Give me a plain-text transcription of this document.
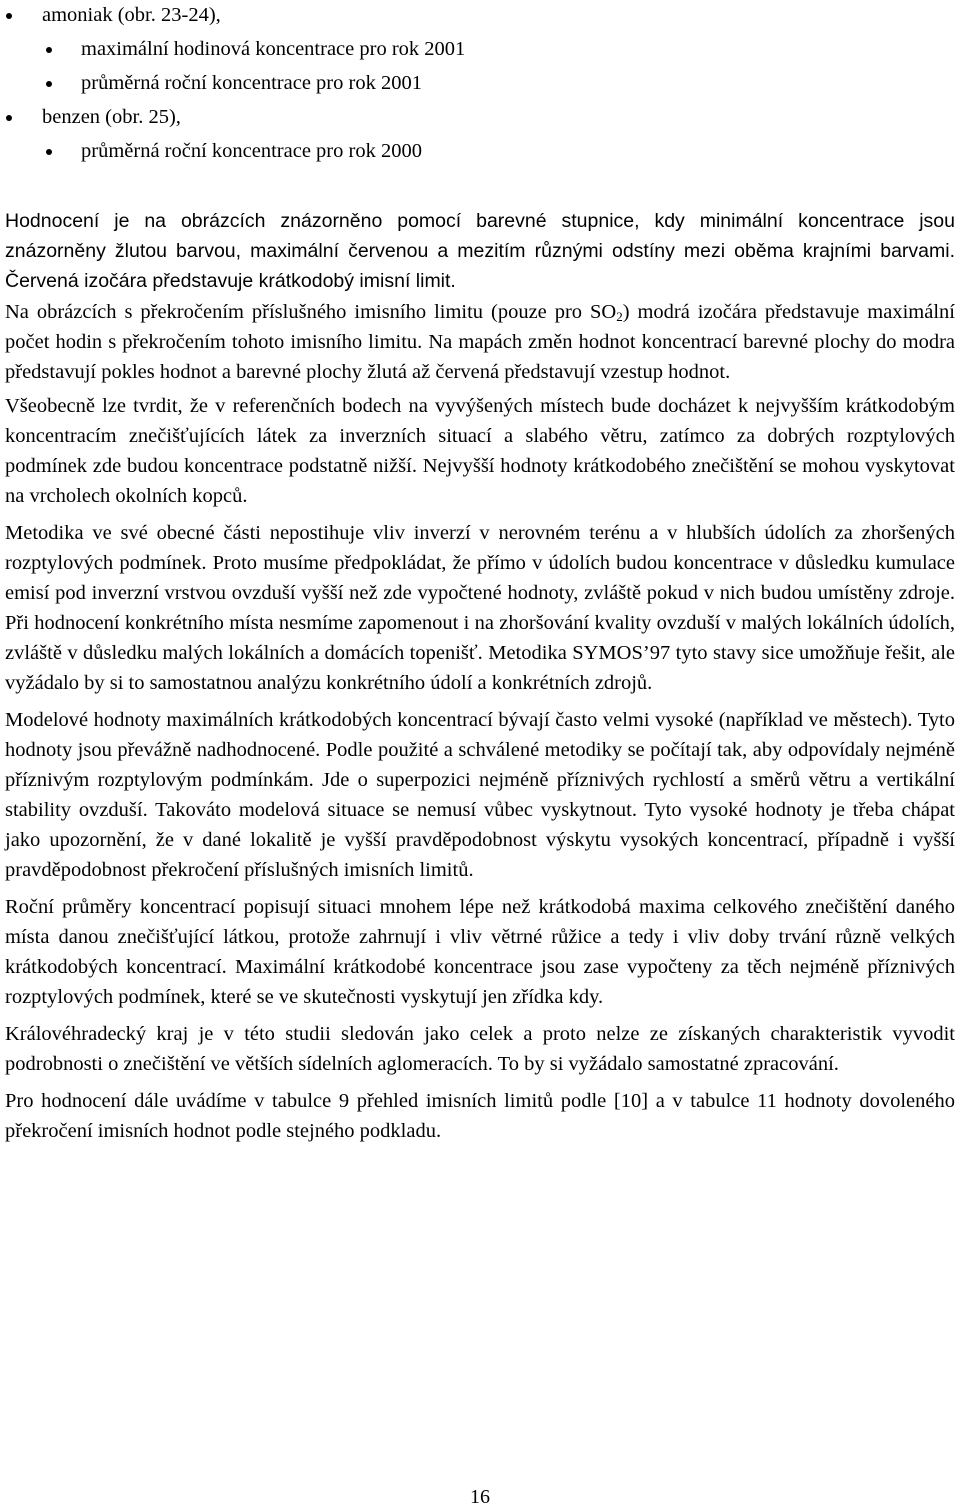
amoniak (obr. 23-24),
maximální hodinová koncentrace pro rok 2001
průměrná roční koncentrace pro rok 2001
benzen (obr. 25),
průměrná roční koncentrace pro rok 2000

Hodnocení je na obrázcích znázorněno pomocí barevné stupnice, kdy minimální koncentrace jsou znázorněny žlutou barvou, maximální červenou a mezitím různými odstíny mezi oběma krajními barvami. Červená izočára představuje krátkodobý imisní limit.

Na obrázcích s překročením příslušného imisního limitu (pouze pro $SO_2$) modrá izočára představuje maximální počet hodin s překročením tohoto imisního limitu. Na mapách změn hodnot koncentrací barevné plochy do modra představují pokles hodnot a barevné plochy žlutá až červená představují vzestup hodnot.

Všeobecně lze tvrdit, že v referenčních bodech na vyvýšených místech bude docházet k nejvyšším krátkodobým koncentracím znečišťujících látek za inverzních situací a slabého větru, zatímco za dobrých rozptylových podmínek zde budou koncentrace podstatně nižší. Nejvyšší hodnoty krátkodobého znečištění se mohou vyskytovat na vrcholech okolních kopců.

Metodika ve své obecné části nepostihuje vliv inverzí v nerovném terénu a v hlubších údolích za zhoršených rozptylových podmínek. Proto musíme předpokládat, že přímo v údolích budou koncentrace v důsledku kumulace emisí pod inverzní vrstvou ovzduší vyšší než zde vypočtené hodnoty, zvláště pokud v nich budou umístěny zdroje. Při hodnocení konkrétního místa nesmíme zapomenout i na zhoršování kvality ovzduší v malých lokálních údolích, zvláště v důsledku malých lokálních a domácích topenišť. Metodika SYMOS’97 tyto stavy sice umožňuje řešit, ale vyžádalo by si to samostatnou analýzu konkrétního údolí a konkrétních zdrojů.

Modelové hodnoty maximálních krátkodobých koncentrací bývají často velmi vysoké (například ve městech). Tyto hodnoty jsou převážně nadhodnocené. Podle použité a schválené metodiky se počítají tak, aby odpovídaly nejméně příznivým rozptylovým podmínkám. Jde o superpozici nejméně příznivých rychlostí a směrů větru a vertikální stability ovzduší. Takováto modelová situace se nemusí vůbec vyskytnout. Tyto vysoké hodnoty je třeba chápat jako upozornění, že v dané lokalitě je vyšší pravděpodobnost výskytu vysokých koncentrací, případně i vyšší pravděpodobnost překročení příslušných imisních limitů.

Roční průměry koncentrací popisují situaci mnohem lépe než krátkodobá maxima celkového znečištění daného místa danou znečišťující látkou, protože zahrnují i vliv větrné růžice a tedy i vliv doby trvání různě velkých krátkodobých koncentrací. Maximální krátkodobé koncentrace jsou zase vypočteny za těch nejméně příznivých rozptylových podmínek, které se ve skutečnosti vyskytují jen zřídka kdy.

Královéhradecký kraj je v této studii sledován jako celek a proto nelze ze získaných charakteristik vyvodit podrobnosti o znečištění ve větších sídelních aglomeracích. To by si vyžádalo samostatné zpracování.

Pro hodnocení dále uvádíme v tabulce 9 přehled imisních limitů podle [10] a v tabulce 11 hodnoty dovoleného překročení imisních hodnot podle stejného podkladu.

16
